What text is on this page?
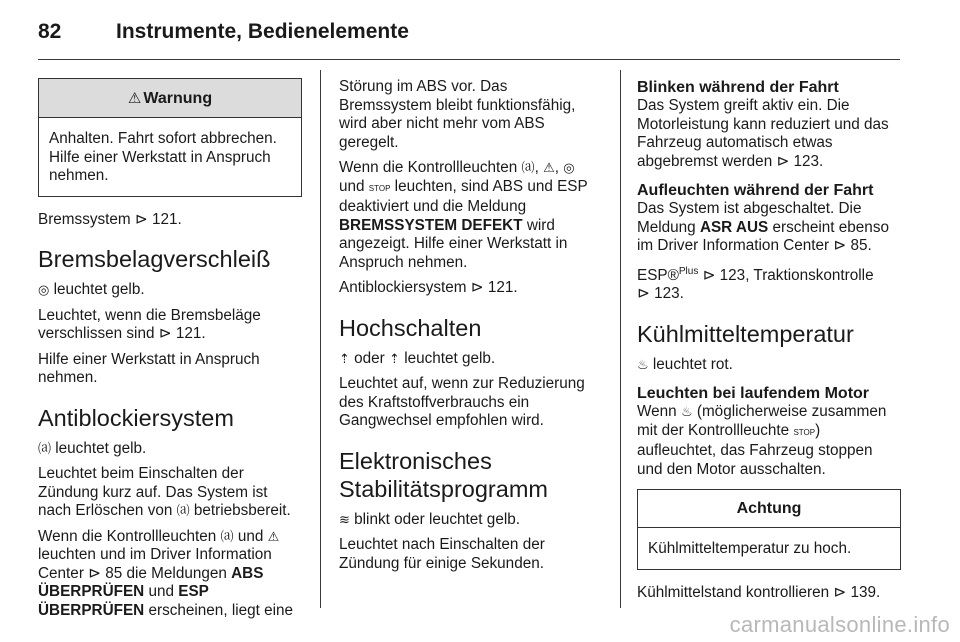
82	Instrumente, Bedienelemente
⚠ Warnung
Anhalten. Fahrt sofort abbrechen. Hilfe einer Werkstatt in Anspruch nehmen.

Bremssystem ⊳ 121.

Bremsbelagverschleiß

◎ leuchtet gelb.

Leuchtet, wenn die Bremsbeläge verschlissen sind ⊳ 121.

Hilfe einer Werkstatt in Anspruch nehmen.

Antiblockiersystem

⒜ leuchtet gelb.

Leuchtet beim Einschalten der Zündung kurz auf. Das System ist nach Erlöschen von ⒜ betriebsbereit.

Wenn die Kontrollleuchten ⒜ und ⚠ leuchten und im Driver Information Center ⊳ 85 die Meldungen ABS ÜBERPRÜFEN und ESP ÜBERPRÜFEN erscheinen, liegt eine

Störung im ABS vor. Das Bremssystem bleibt funktionsfähig, wird aber nicht mehr vom ABS geregelt.

Wenn die Kontrollleuchten ⒜, ⚠, ◎ und STOP leuchten, sind ABS und ESP deaktiviert und die Meldung BREMSSYSTEM DEFEKT wird angezeigt. Hilfe einer Werkstatt in Anspruch nehmen.

Antiblockiersystem ⊳ 121.

Hochschalten

⇡ oder ⇡ leuchtet gelb.

Leuchtet auf, wenn zur Reduzierung des Kraftstoffverbrauchs ein Gangwechsel empfohlen wird.

Elektronisches
Stabilitätsprogramm

≋ blinkt oder leuchtet gelb.

Leuchtet nach Einschalten der Zündung für einige Sekunden.

Blinken während der Fahrt

Das System greift aktiv ein. Die Motorleistung kann reduziert und das Fahrzeug automatisch etwas abgebremst werden ⊳ 123.

Aufleuchten während der Fahrt

Das System ist abgeschaltet. Die Meldung ASR AUS erscheint ebenso im Driver Information Center ⊳ 85.

ESP®$^{Plus}$ ⊳ 123, Traktionskontrolle
⊳ 123.

Kühlmitteltemperatur

♨ leuchtet rot.

Leuchten bei laufendem Motor

Wenn ♨ (möglicherweise zusammen mit der Kontrollleuchte STOP) aufleuchtet, das Fahrzeug stoppen und den Motor ausschalten.

Achtung
Kühlmitteltemperatur zu hoch.

Kühlmittelstand kontrollieren ⊳ 139.

carmanualsonline.info
